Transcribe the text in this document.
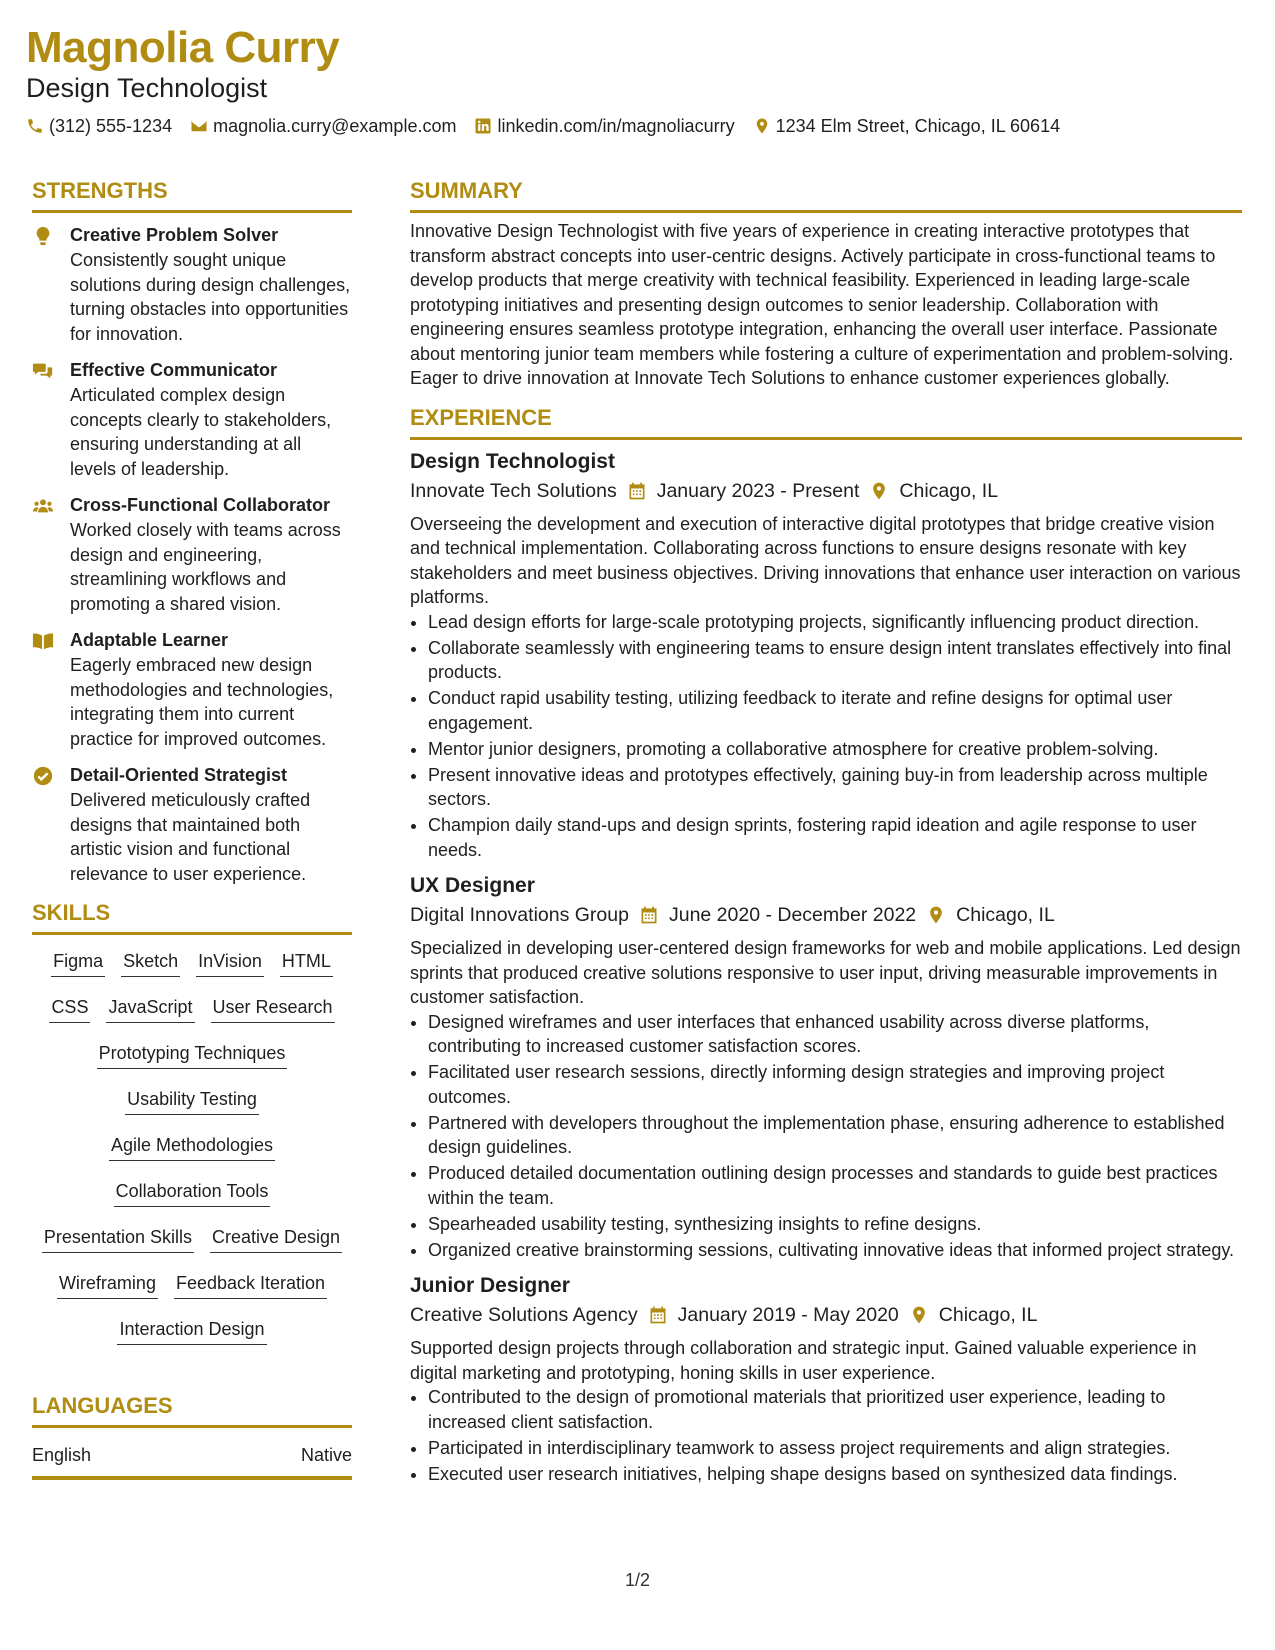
Magnolia Curry
Design Technologist
(312) 555-1234 magnolia.curry@example.com linkedin.com/in/magnoliacurry 1234 Elm Street, Chicago, IL 60614
STRENGTHS
Creative Problem Solver
Consistently sought unique solutions during design challenges, turning obstacles into opportunities for innovation.
Effective Communicator
Articulated complex design concepts clearly to stakeholders, ensuring understanding at all levels of leadership.
Cross-Functional Collaborator
Worked closely with teams across design and engineering, streamlining workflows and promoting a shared vision.
Adaptable Learner
Eagerly embraced new design methodologies and technologies, integrating them into current practice for improved outcomes.
Detail-Oriented Strategist
Delivered meticulously crafted designs that maintained both artistic vision and functional relevance to user experience.
SKILLS
Figma Sketch InVision HTML
CSS JavaScript User Research
Prototyping Techniques
Usability Testing
Agile Methodologies
Collaboration Tools
Presentation Skills Creative Design
Wireframing Feedback Iteration
Interaction Design
LANGUAGES
English	Native
SUMMARY
Innovative Design Technologist with five years of experience in creating interactive prototypes that transform abstract concepts into user-centric designs. Actively participate in cross-functional teams to develop products that merge creativity with technical feasibility. Experienced in leading large-scale prototyping initiatives and presenting design outcomes to senior leadership. Collaboration with engineering ensures seamless prototype integration, enhancing the overall user interface. Passionate about mentoring junior team members while fostering a culture of experimentation and problem-solving. Eager to drive innovation at Innovate Tech Solutions to enhance customer experiences globally.
EXPERIENCE
Design Technologist
Innovate Tech Solutions January 2023 - Present Chicago, IL
Overseeing the development and execution of interactive digital prototypes that bridge creative vision and technical implementation. Collaborating across functions to ensure designs resonate with key stakeholders and meet business objectives. Driving innovations that enhance user interaction on various platforms.
• Lead design efforts for large-scale prototyping projects, significantly influencing product direction.
• Collaborate seamlessly with engineering teams to ensure design intent translates effectively into final products.
• Conduct rapid usability testing, utilizing feedback to iterate and refine designs for optimal user engagement.
• Mentor junior designers, promoting a collaborative atmosphere for creative problem-solving.
• Present innovative ideas and prototypes effectively, gaining buy-in from leadership across multiple sectors.
• Champion daily stand-ups and design sprints, fostering rapid ideation and agile response to user needs.
UX Designer
Digital Innovations Group June 2020 - December 2022 Chicago, IL
Specialized in developing user-centered design frameworks for web and mobile applications. Led design sprints that produced creative solutions responsive to user input, driving measurable improvements in customer satisfaction.
• Designed wireframes and user interfaces that enhanced usability across diverse platforms, contributing to increased customer satisfaction scores.
• Facilitated user research sessions, directly informing design strategies and improving project outcomes.
• Partnered with developers throughout the implementation phase, ensuring adherence to established design guidelines.
• Produced detailed documentation outlining design processes and standards to guide best practices within the team.
• Spearheaded usability testing, synthesizing insights to refine designs.
• Organized creative brainstorming sessions, cultivating innovative ideas that informed project strategy.
Junior Designer
Creative Solutions Agency January 2019 - May 2020 Chicago, IL
Supported design projects through collaboration and strategic input. Gained valuable experience in digital marketing and prototyping, honing skills in user experience.
• Contributed to the design of promotional materials that prioritized user experience, leading to increased client satisfaction.
• Participated in interdisciplinary teamwork to assess project requirements and align strategies.
• Executed user research initiatives, helping shape designs based on synthesized data findings.
1/2
